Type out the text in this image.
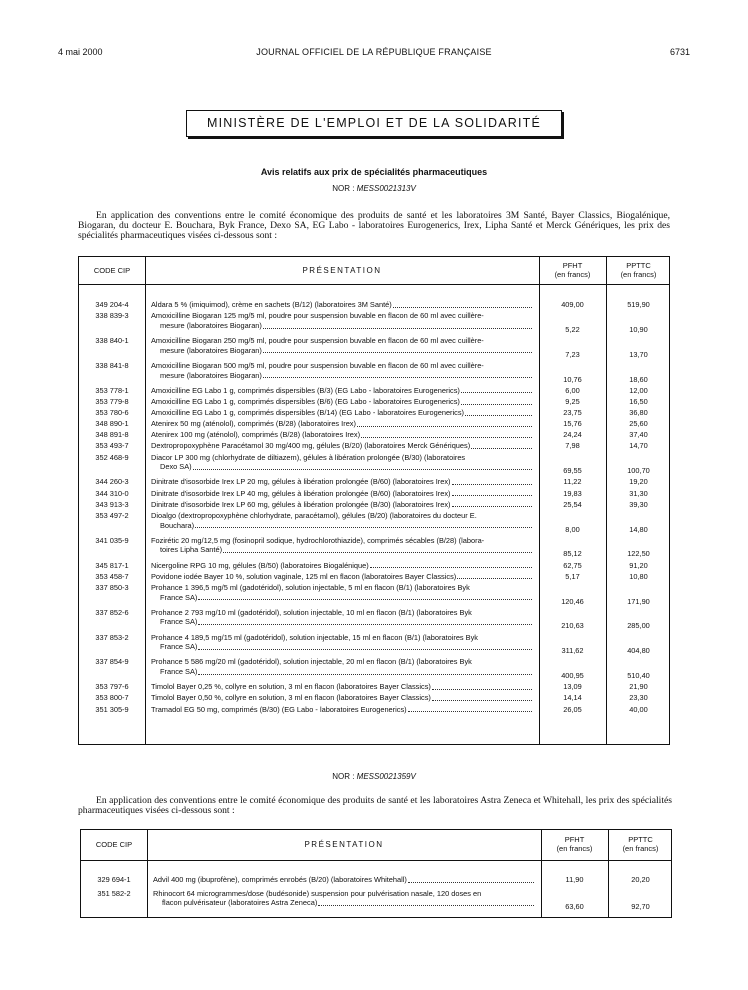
4 mai 2000	JOURNAL OFFICIEL DE LA RÉPUBLIQUE FRANÇAISE	6731
MINISTÈRE DE L'EMPLOI ET DE LA SOLIDARITÉ
Avis relatifs aux prix de spécialités pharmaceutiques
NOR : MESS0021313V
En application des conventions entre le comité économique des produits de santé et les laboratoires 3M Santé, Bayer Classics, Biogalénique, Biogaran, du docteur E. Bouchara, Byk France, Dexo SA, EG Labo - laboratoires Eurogenerics, Irex, Lipha Santé et Merck Génériques, les prix des spécialités pharmaceutiques visées ci-dessous sont :
CODE CIP	PRÉSENTATION
PFHT
(en francs)
PPTTC
(en francs)
349 204-4	Aldara 5 % (imiquimod), crème en sachets (B/12) (laboratoires 3M Santé)	409,00	519,90
338 839-3	Amoxicilline Biogaran 125 mg/5 ml, poudre pour suspension buvable en flacon de 60 ml avec cuillère-
mesure (laboratoires Biogaran)	5,22	10,90
338 840-1	Amoxicilline Biogaran 250 mg/5 ml, poudre pour suspension buvable en flacon de 60 ml avec cuillère-
mesure (laboratoires Biogaran)	7,23	13,70
338 841-8	Amoxicilline Biogaran 500 mg/5 ml, poudre pour suspension buvable en flacon de 60 ml avec cuillère-
mesure (laboratoires Biogaran)	10,76	18,60
353 778-1	Amoxicilline EG Labo 1 g, comprimés dispersibles (B/3) (EG Labo - laboratoires Eurogenerics)	6,00	12,00
353 779-8	Amoxicilline EG Labo 1 g, comprimés dispersibles (B/6) (EG Labo - laboratoires Eurogenerics)	9,25	16,50
353 780-6	Amoxicilline EG Labo 1 g, comprimés dispersibles (B/14) (EG Labo - laboratoires Eurogenerics)	23,75	36,80
348 890-1	Atenirex 50 mg (aténolol), comprimés (B/28) (laboratoires Irex)	15,76	25,60
348 891-8	Atenirex 100 mg (aténolol), comprimés (B/28) (laboratoires Irex)	24,24	37,40
353 493-7	Dextropropoxyphène Paracétamol 30 mg/400 mg, gélules (B/20) (laboratoires Merck Génériques)	7,98	14,70
352 468-9	Diacor LP 300 mg (chlorhydrate de diltiazem), gélules à libération prolongée (B/30) (laboratoires
Dexo SA)	69,55	100,70
344 260-3	Dinitrate d'isosorbide Irex LP 20 mg, gélules à libération prolongée (B/60) (laboratoires Irex)	11,22	19,20
344 310-0	Dinitrate d'isosorbide Irex LP 40 mg, gélules à libération prolongée (B/60) (laboratoires Irex)	19,83	31,30
343 913-3	Dinitrate d'isosorbide Irex LP 60 mg, gélules à libération prolongée (B/30) (laboratoires Irex)	25,54	39,30
353 497-2	Dioalgo (dextropropoxyphène chlorhydrate, paracétamol), gélules (B/20) (laboratoires du docteur E.
Bouchara)	8,00	14,80
341 035-9	Fozirétic 20 mg/12,5 mg (fosinopril sodique, hydrochlorothiazide), comprimés sécables (B/28) (labora-
toires Lipha Santé)	85,12	122,50
345 817-1	Nicergoline RPG 10 mg, gélules (B/50) (laboratoires Biogalénique)	62,75	91,20
353 458-7	Povidone iodée Bayer 10 %, solution vaginale, 125 ml en flacon (laboratoires Bayer Classics)	5,17	10,80
337 850-3	Prohance 1 396,5 mg/5 ml (gadotéridol), solution injectable, 5 ml en flacon (B/1) (laboratoires Byk
France SA)	120,46	171,90
337 852-6	Prohance 2 793 mg/10 ml (gadotéridol), solution injectable, 10 ml en flacon (B/1) (laboratoires Byk
France SA)	210,63	285,00
337 853-2	Prohance 4 189,5 mg/15 ml (gadotéridol), solution injectable, 15 ml en flacon (B/1) (laboratoires Byk
France SA)	311,62	404,80
337 854-9	Prohance 5 586 mg/20 ml (gadotéridol), solution injectable, 20 ml en flacon (B/1) (laboratoires Byk
France SA)	400,95	510,40
353 797-6	Timolol Bayer 0,25 %, collyre en solution, 3 ml en flacon (laboratoires Bayer Classics)	13,09	21,90
353 800-7	Timolol Bayer 0,50 %, collyre en solution, 3 ml en flacon (laboratoires Bayer Classics)	14,14	23,30
351 305-9	Tramadol EG 50 mg, comprimés (B/30) (EG Labo - laboratoires Eurogenerics)	26,05	40,00
NOR : MESS0021359V
En application des conventions entre le comité économique des produits de santé et les laboratoires Astra Zeneca et Whitehall, les prix des spécialités pharmaceutiques visées ci-dessous sont :
CODE CIP	PRÉSENTATION
PFHT
(en francs)
PPTTC
(en francs)
329 694-1	Advil 400 mg (ibuprofène), comprimés enrobés (B/20) (laboratoires Whitehall)	11,90	20,20
351 582-2	Rhinocort 64 microgrammes/dose (budésonide) suspension pour pulvérisation nasale, 120 doses en
flacon pulvérisateur (laboratoires Astra Zeneca)	63,60	92,70
